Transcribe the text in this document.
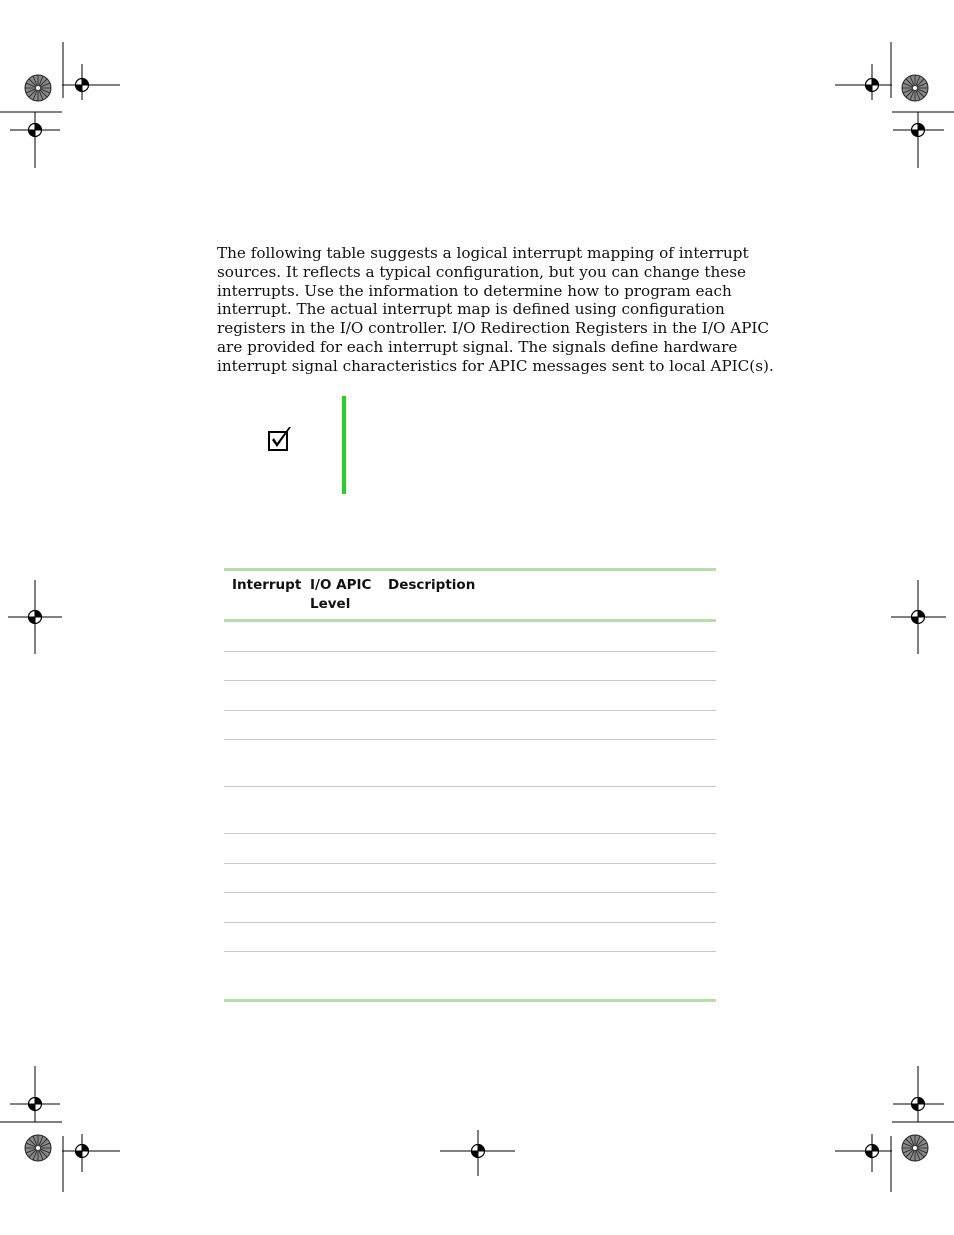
The following table suggests a logical interrupt mapping of interrupt sources. It reflects a typical configuration, but you can change these interrupts. Use the information to determine how to program each interrupt. The actual interrupt map is defined using configuration registers in the I/O controller. I/O Redirection Registers in the I/O APIC are provided for each interrupt signal. The signals define hardware interrupt signal characteristics for APIC messages sent to local APIC(s).

Interrupt I/O APIC Level
Description
